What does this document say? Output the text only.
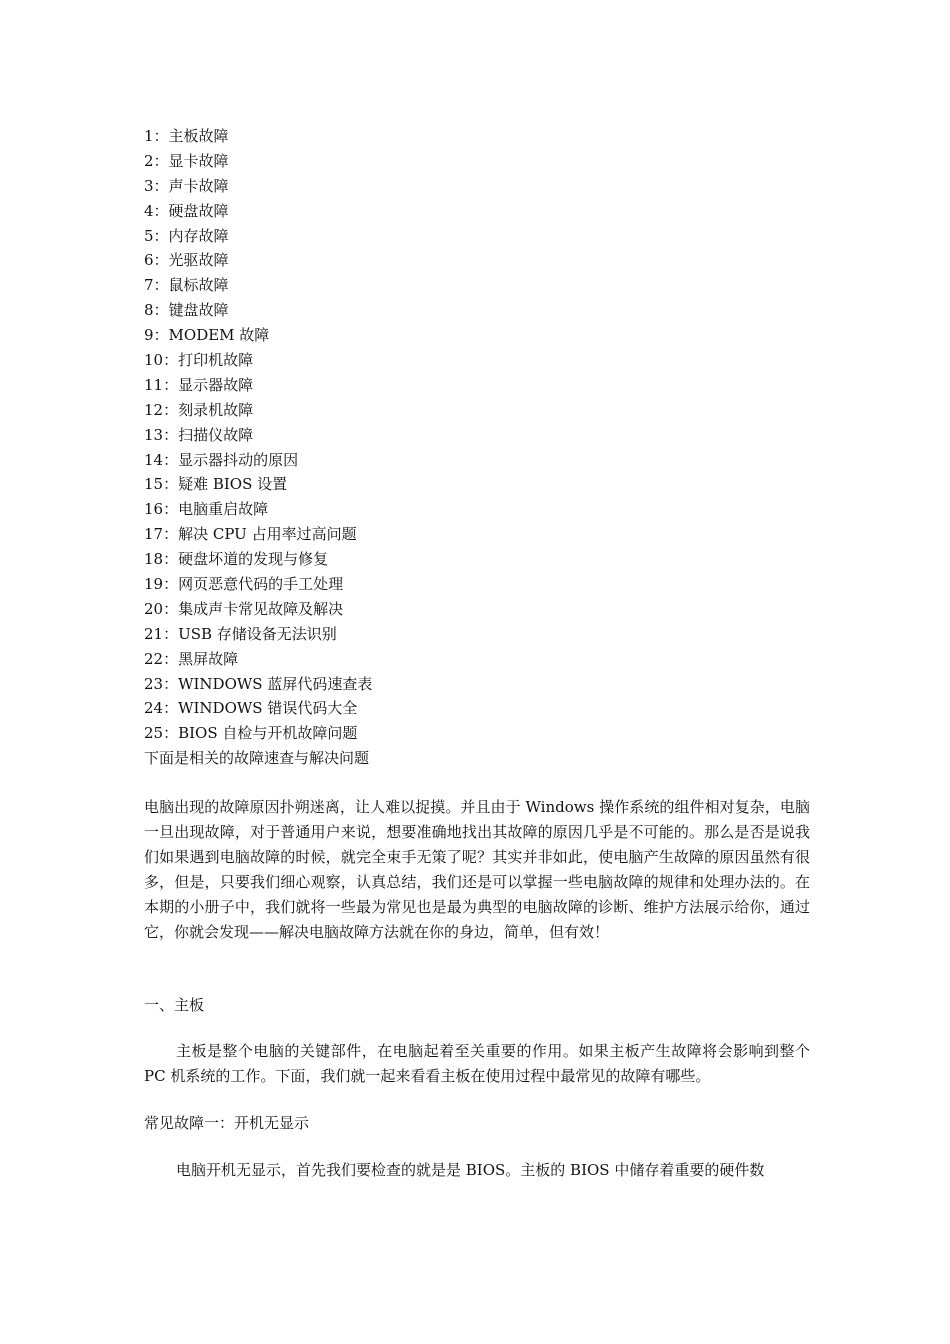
1：主板故障
2：显卡故障
3：声卡故障
4：硬盘故障
5：内存故障
6：光驱故障
7：鼠标故障
8：键盘故障
9：MODEM 故障
10：打印机故障
11：显示器故障
12：刻录机故障
13：扫描仪故障
14：显示器抖动的原因
15：疑难 BIOS 设置
16：电脑重启故障
17：解决 CPU 占用率过高问题
18：硬盘坏道的发现与修复
19：网页恶意代码的手工处理
20：集成声卡常见故障及解决
21：USB 存储设备无法识别
22：黑屏故障
23：WINDOWS 蓝屏代码速查表
24：WINDOWS 错误代码大全
25：BIOS 自检与开机故障问题
下面是相关的故障速查与解决问题

电脑出现的故障原因扑朔迷离，让人难以捉摸。并且由于 Windows 操作系统的组件相对复杂，电脑一旦出现故障，对于普通用户来说，想要准确地找出其故障的原因几乎是不可能的。那么是否是说我们如果遇到电脑故障的时候，就完全束手无策了呢？其实并非如此，使电脑产生故障的原因虽然有很多，但是，只要我们细心观察，认真总结，我们还是可以掌握一些电脑故障的规律和处理办法的。在本期的小册子中，我们就将一些最为常见也是最为典型的电脑故障的诊断、维护方法展示给你，通过它，你就会发现——解决电脑故障方法就在你的身边，简单，但有效！

一、主板

主板是整个电脑的关键部件，在电脑起着至关重要的作用。如果主板产生故障将会影响到整个 PC 机系统的工作。下面，我们就一起来看看主板在使用过程中最常见的故障有哪些。

常见故障一：开机无显示

电脑开机无显示，首先我们要检查的就是是 BIOS。主板的 BIOS 中储存着重要的硬件数
